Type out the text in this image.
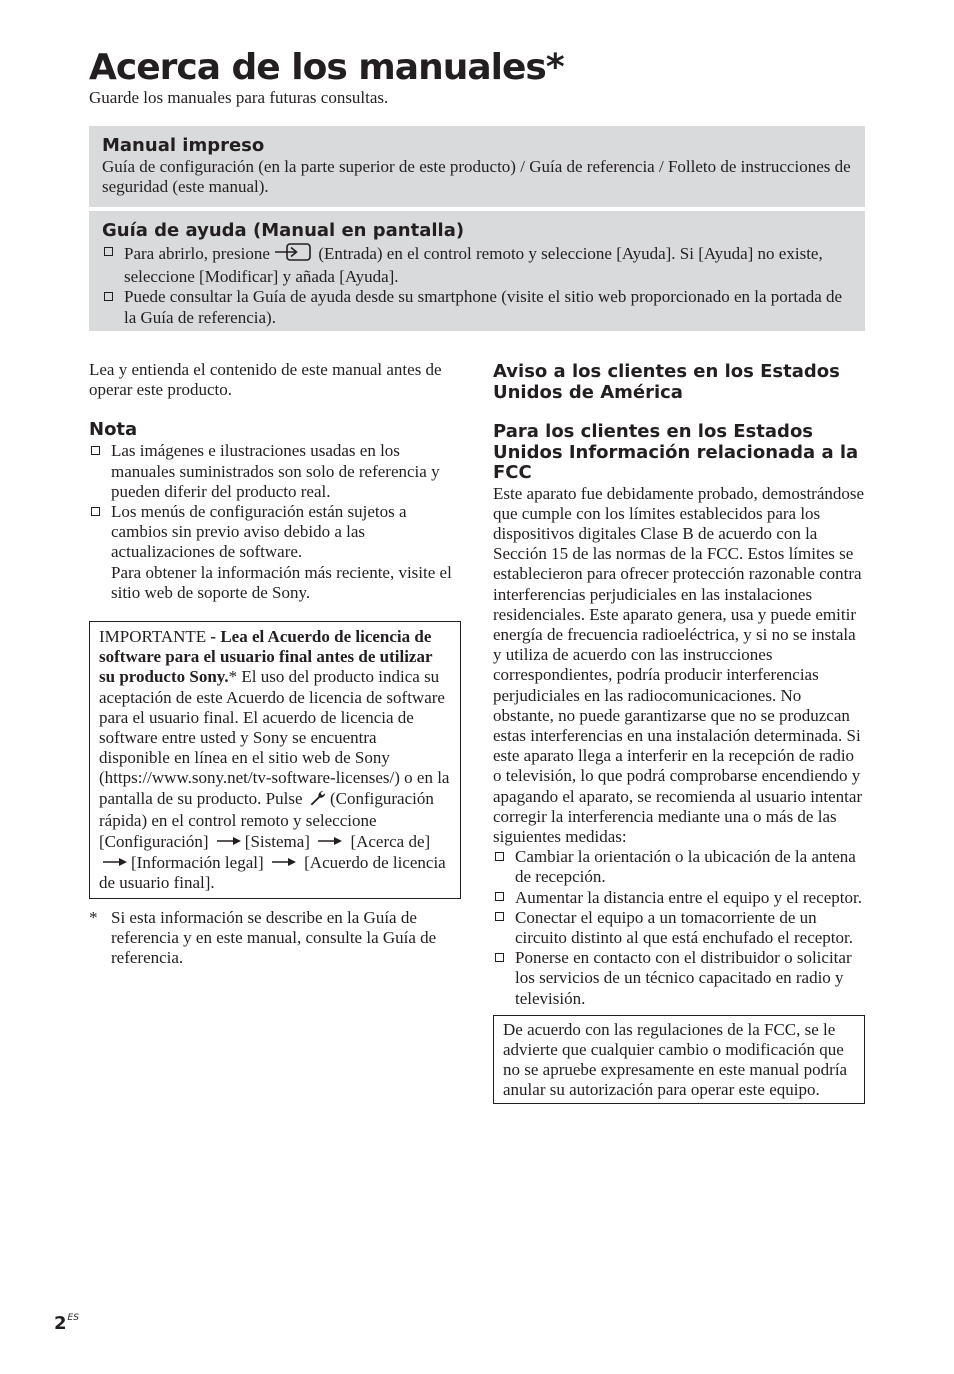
Acerca de los manuales*
Guarde los manuales para futuras consultas.
Manual impreso
Guía de configuración (en la parte superior de este producto) / Guía de referencia / Folleto de instrucciones de seguridad (este manual).
Guía de ayuda (Manual en pantalla)
Para abrirlo, presione	(Entrada) en el control remoto y seleccione [Ayuda]. Si [Ayuda] no existe, seleccione [Modificar] y añada [Ayuda].
Puede consultar la Guía de ayuda desde su smartphone (visite el sitio web proporcionado en la portada de la Guía de referencia).

Lea y entienda el contenido de este manual antes de operar este producto.

Nota
Las imágenes e ilustraciones usadas en los manuales suministrados son solo de referencia y pueden diferir del producto real.
Los menús de configuración están sujetos a cambios sin previo aviso debido a las actualizaciones de software.
Para obtener la información más reciente, visite el sitio web de soporte de Sony.
IMPORTANTE - Lea el Acuerdo de licencia de software para el usuario final antes de utilizar su producto Sony.* El uso del producto indica su aceptación de este Acuerdo de licencia de software para el usuario final. El acuerdo de licencia de software entre usted y Sony se encuentra disponible en línea en el sitio web de Sony (https://www.sony.net/tv-software-licenses/) o en la pantalla de su producto. Pulse (Configuración rápida) en el control remoto y seleccione [Configuración] [Sistema] [Acerca de] [Información legal] [Acuerdo de licencia de usuario final].
* Si esta información se describe en la Guía de referencia y en este manual, consulte la Guía de referencia.
Aviso a los clientes en los Estados Unidos de América
Para los clientes en los Estados Unidos Información relacionada a la FCC

Este aparato fue debidamente probado, demostrándose que cumple con los límites establecidos para los dispositivos digitales Clase B de acuerdo con la Sección 15 de las normas de la FCC. Estos límites se establecieron para ofrecer protección razonable contra interferencias perjudiciales en las instalaciones residenciales. Este aparato genera, usa y puede emitir energía de frecuencia radioeléctrica, y si no se instala y utiliza de acuerdo con las instrucciones correspondientes, podría producir interferencias perjudiciales en las radiocomunicaciones. No obstante, no puede garantizarse que no se produzcan estas interferencias en una instalación determinada. Si este aparato llega a interferir en la recepción de radio o televisión, lo que podrá comprobarse encendiendo y apagando el aparato, se recomienda al usuario intentar corregir la interferencia mediante una o más de las siguientes medidas:

Cambiar la orientación o la ubicación de la antena de recepción.
Aumentar la distancia entre el equipo y el receptor.
Conectar el equipo a un tomacorriente de un circuito distinto al que está enchufado el receptor.
Ponerse en contacto con el distribuidor o solicitar los servicios de un técnico capacitado en radio y televisión.
De acuerdo con las regulaciones de la FCC, se le advierte que cualquier cambio o modificación que no se apruebe expresamente en este manual podría anular su autorización para operar este equipo.
$2^{ES}$
